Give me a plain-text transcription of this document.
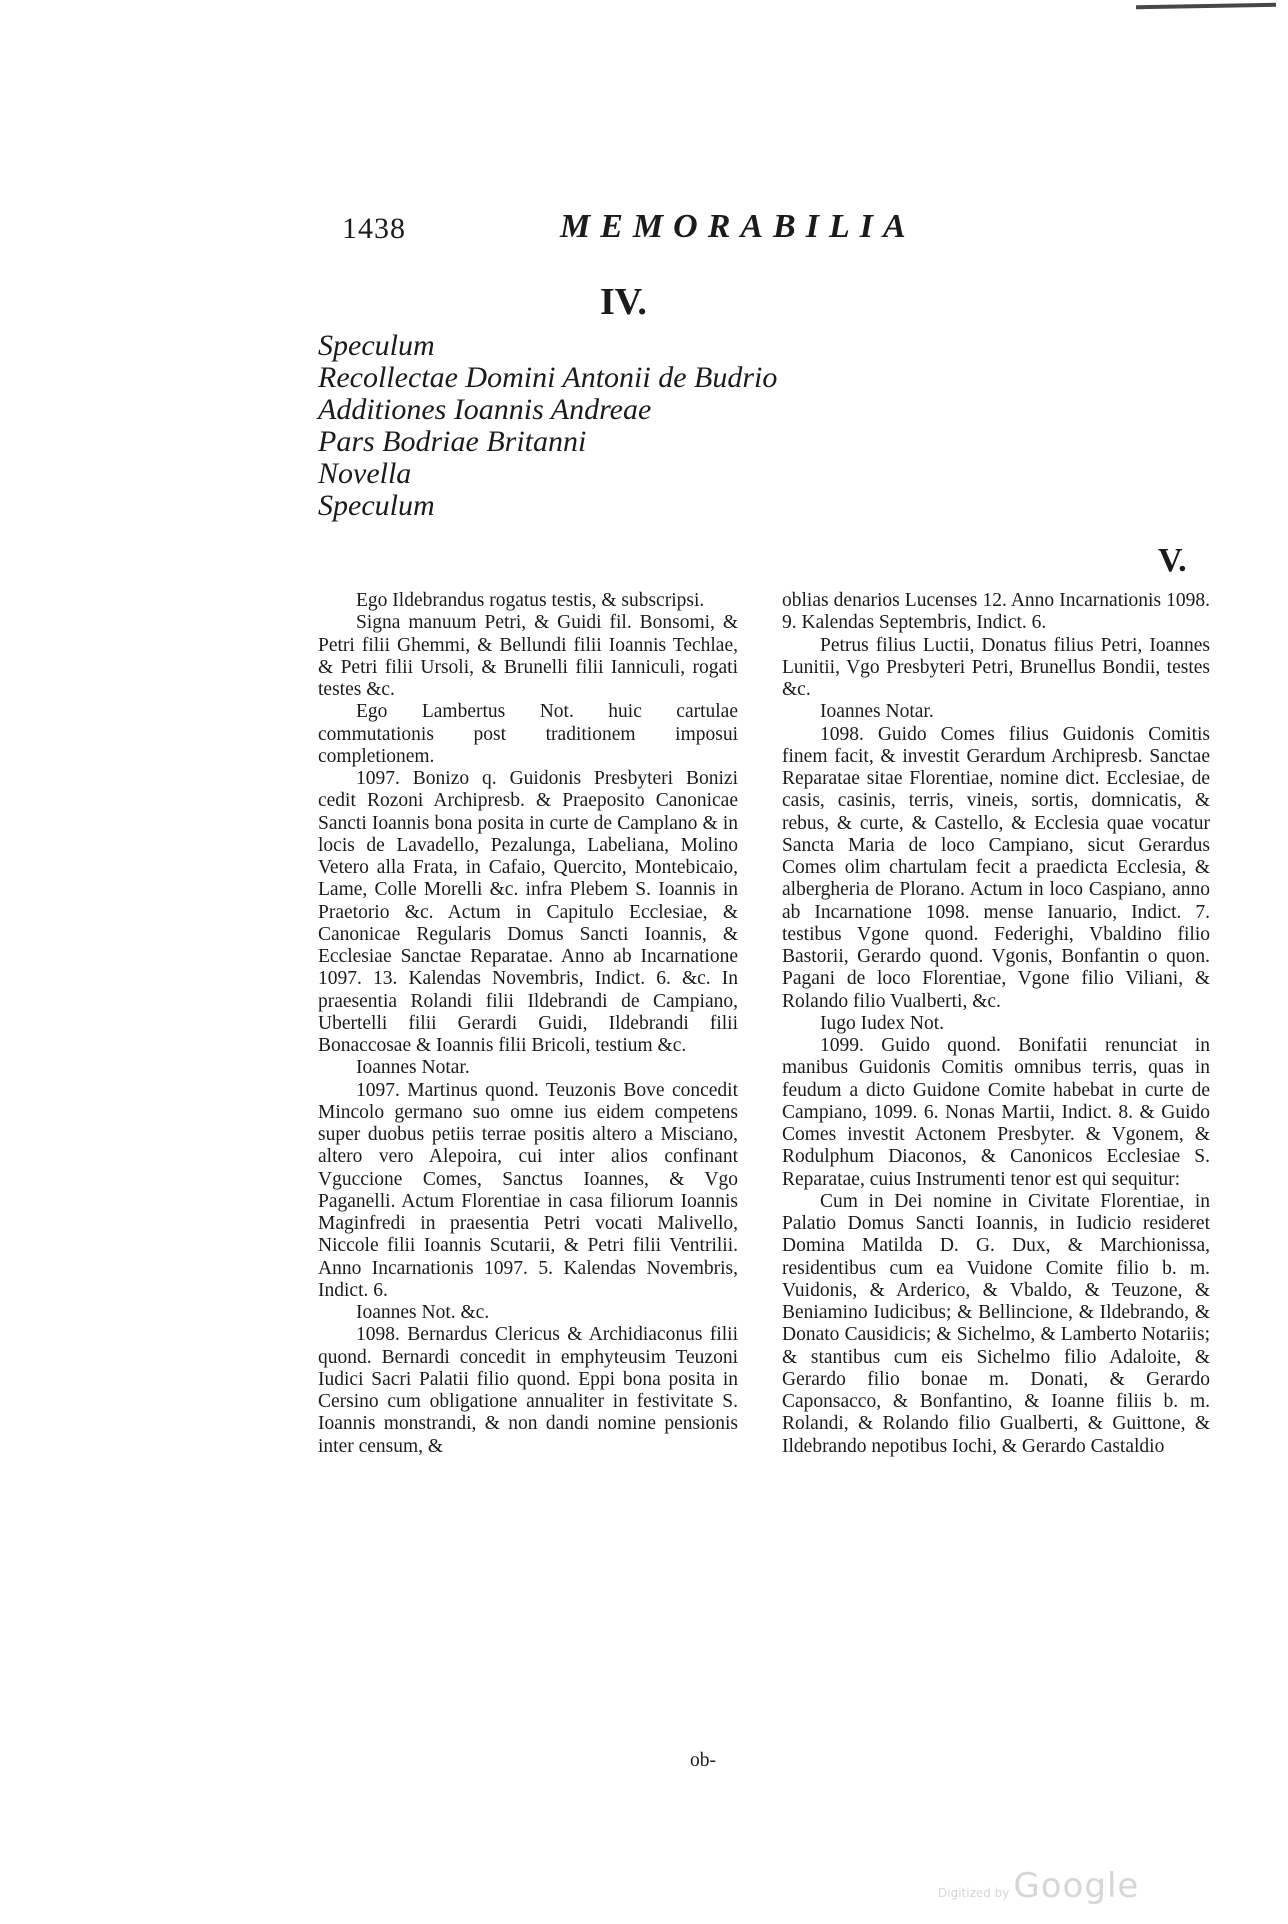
1438	MEMORABILIA
IV.
Speculum
Recollectae Domini Antonii de Budrio
Additiones Ioannis Andreae
Pars Bodriae Britanni
Novella
Speculum
V.

Ego Ildebrandus rogatus testis, & subscripsi.

Signa manuum Petri, & Guidi fil. Bonsomi, & Petri filii Ghemmi, & Bellundi filii Ioannis Techlae, & Petri filii Ursoli, & Brunelli filii Ianniculi, rogati testes &c.

Ego Lambertus Not. huic cartulae commutationis post traditionem imposui completionem.

1097. Bonizo q. Guidonis Presbyteri Bonizi cedit Rozoni Archipresb. & Praeposito Canonicae Sancti Ioannis bona posita in curte de Camplano & in locis de Lavadello, Pezalunga, Labeliana, Molino Vetero alla Frata, in Cafaio, Quercito, Montebicaio, Lame, Colle Morelli &c. infra Plebem S. Ioannis in Praetorio &c. Actum in Capitulo Ecclesiae, & Canonicae Regularis Domus Sancti Ioannis, & Ecclesiae Sanctae Reparatae. Anno ab Incarnatione 1097. 13. Kalendas Novembris, Indict. 6. &c. In praesentia Rolandi filii Ildebrandi de Campiano, Ubertelli filii Gerardi Guidi, Ildebrandi filii Bonaccosae & Ioannis filii Bricoli, testium &c.

Ioannes Notar.

1097. Martinus quond. Teuzonis Bove concedit Mincolo germano suo omne ius eidem competens super duobus petiis terrae positis altero a Misciano, altero vero Alepoira, cui inter alios confinant Vguccione Comes, Sanctus Ioannes, & Vgo Paganelli. Actum Florentiae in casa filiorum Ioannis Maginfredi in praesentia Petri vocati Malivello, Niccole filii Ioannis Scutarii, & Petri filii Ventrilii. Anno Incarnationis 1097. 5. Kalendas Novembris, Indict. 6.

Ioannes Not. &c.

1098. Bernardus Clericus & Archidiaconus filii quond. Bernardi concedit in emphyteusim Teuzoni Iudici Sacri Palatii filio quond. Eppi bona posita in Cersino cum obligatione annualiter in festivitate S. Ioannis monstrandi, & non dandi nomine pensionis inter censum, &

ob-

oblias denarios Lucenses 12. Anno Incarnationis 1098. 9. Kalendas Septembris, Indict. 6.

Petrus filius Luctii, Donatus filius Petri, Ioannes Lunitii, Vgo Presbyteri Petri, Brunellus Bondii, testes &c.

Ioannes Notar.

1098. Guido Comes filius Guidonis Comitis finem facit, & investit Gerardum Archipresb. Sanctae Reparatae sitae Florentiae, nomine dict. Ecclesiae, de casis, casinis, terris, vineis, sortis, domnicatis, & rebus, & curte, & Castello, & Ecclesia quae vocatur Sancta Maria de loco Campiano, sicut Gerardus Comes olim chartulam fecit a praedicta Ecclesia, & albergheria de Plorano. Actum in loco Caspiano, anno ab Incarnatione 1098. mense Ianuario, Indict. 7. testibus Vgone quond. Federighi, Vbaldino filio Bastorii, Gerardo quond. Vgonis, Bonfantin o quon. Pagani de loco Florentiae, Vgone filio Viliani, & Rolando filio Vualberti, &c.

Iugo Iudex Not.

1099. Guido quond. Bonifatii renunciat in manibus Guidonis Comitis omnibus terris, quas in feudum a dicto Guidone Comite habebat in curte de Campiano, 1099. 6. Nonas Martii, Indict. 8. & Guido Comes investit Actonem Presbyter. & Vgonem, & Rodulphum Diaconos, & Canonicos Ecclesiae S. Reparatae, cuius Instrumenti tenor est qui sequitur:

Cum in Dei nomine in Civitate Florentiae, in Palatio Domus Sancti Ioannis, in Iudicio resideret Domina Matilda D. G. Dux, & Marchionissa, residentibus cum ea Vuidone Comite filio b. m. Vuidonis, & Arderico, & Vbaldo, & Teuzone, & Beniamino Iudicibus; & Bellincione, & Ildebrando, & Donato Causidicis; & Sichelmo, & Lamberto Notariis; & stantibus cum eis Sichelmo filio Adaloite, & Gerardo filio bonae m. Donati, & Gerardo Caponsacco, & Bonfantino, & Ioanne filiis b. m. Rolandi, & Rolando filio Gualberti, & Guittone, & Ildebrando nepotibus Iochi, & Gerardo Castaldio

Digitized by Google
